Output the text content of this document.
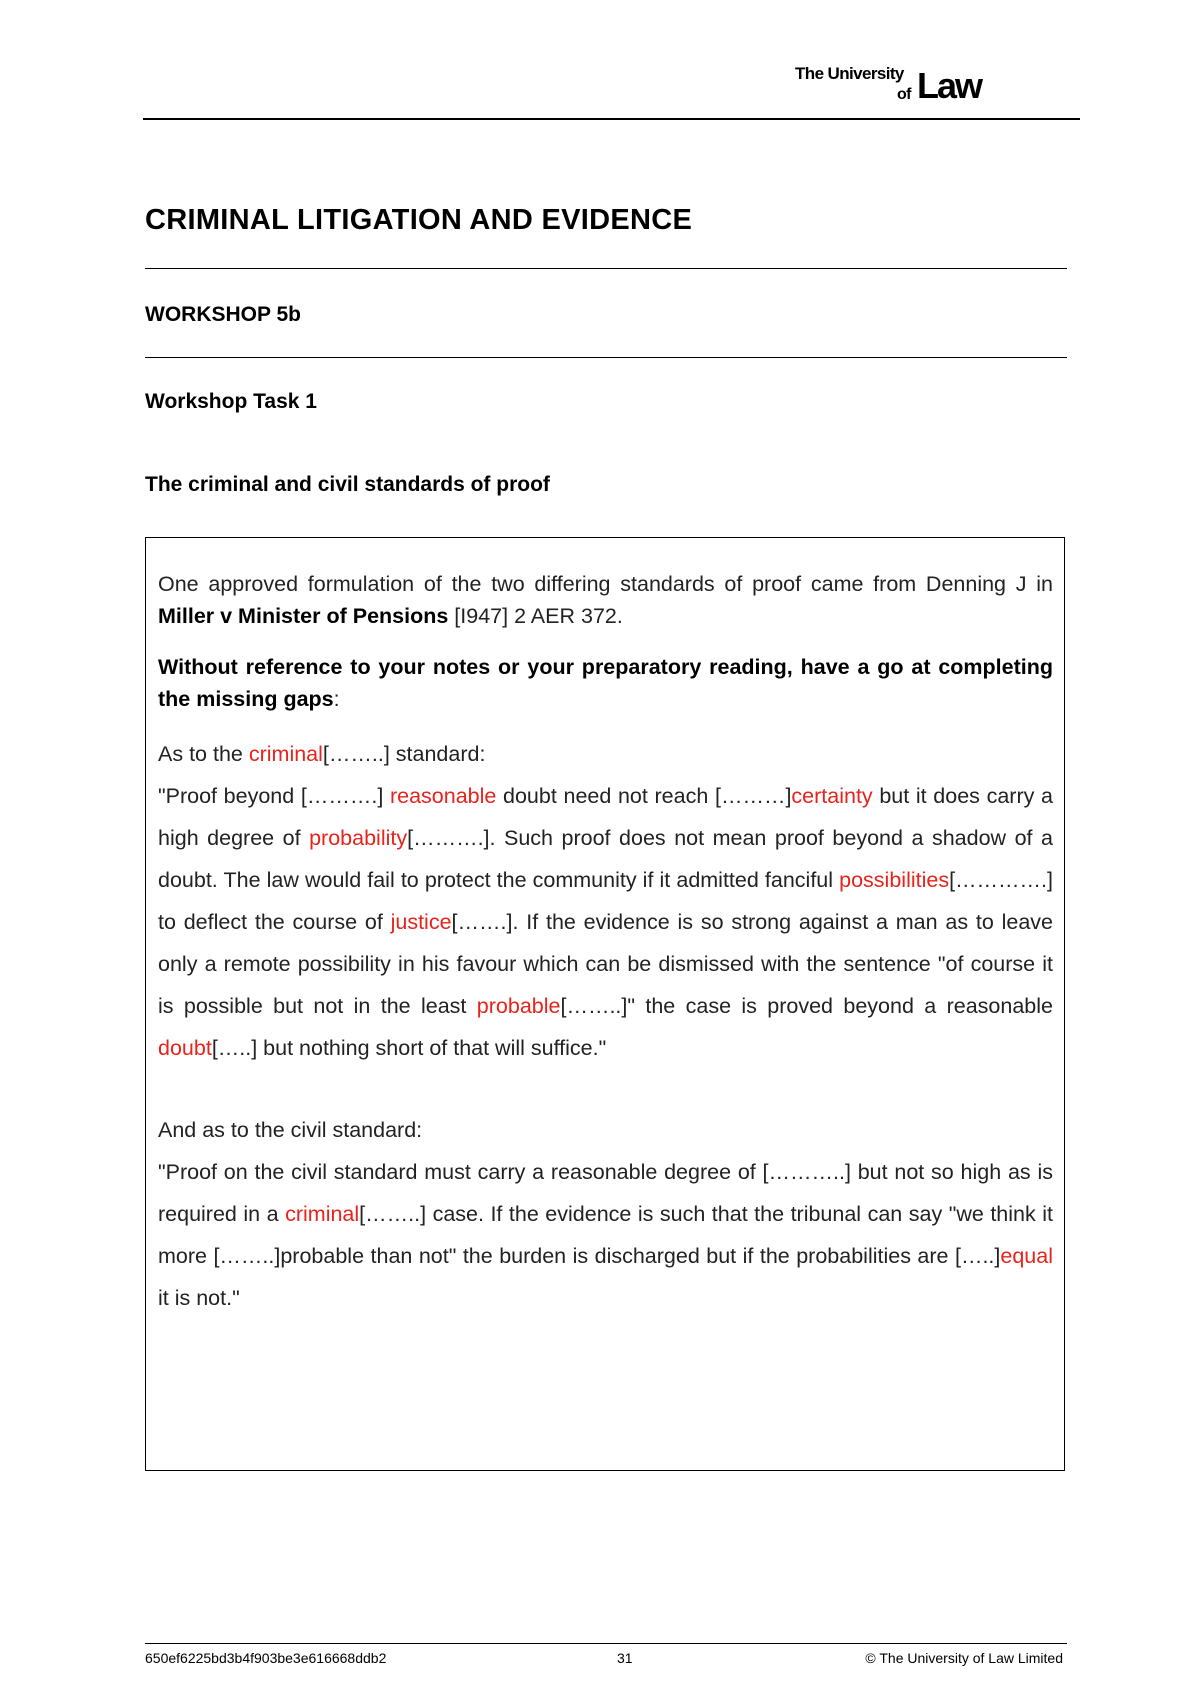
The University
of Law
CRIMINAL LITIGATION AND EVIDENCE
WORKSHOP 5b
Workshop Task 1
The criminal and civil standards of proof

One approved formulation of the two differing standards of proof came from Denning J in Miller v Minister of Pensions [I947] 2 AER 372.

Without reference to your notes or your preparatory reading, have a go at completing the missing gaps:

As to the criminal[……..] standard:

"Proof beyond [……….] reasonable doubt need not reach [………]certainty but it does carry a high degree of probability[……….]. Such proof does not mean proof beyond a shadow of a doubt. The law would fail to protect the community if it admitted fanciful possibilities[………….] to deflect the course of justice[…….]. If the evidence is so strong against a man as to leave only a remote possibility in his favour which can be dismissed with the sentence "of course it is possible but not in the least probable[……..]" the case is proved beyond a reasonable doubt[…..] but nothing short of that will suffice."

And as to the civil standard:

"Proof on the civil standard must carry a reasonable degree of [………..] but not so high as is required in a criminal[……..] case. If the evidence is such that the tribunal can say "we think it more [……..]probable than not" the burden is discharged but if the probabilities are […..]equal it is not."

650ef6225bd3b4f903be3e616668ddb2	31	© The University of Law Limited
